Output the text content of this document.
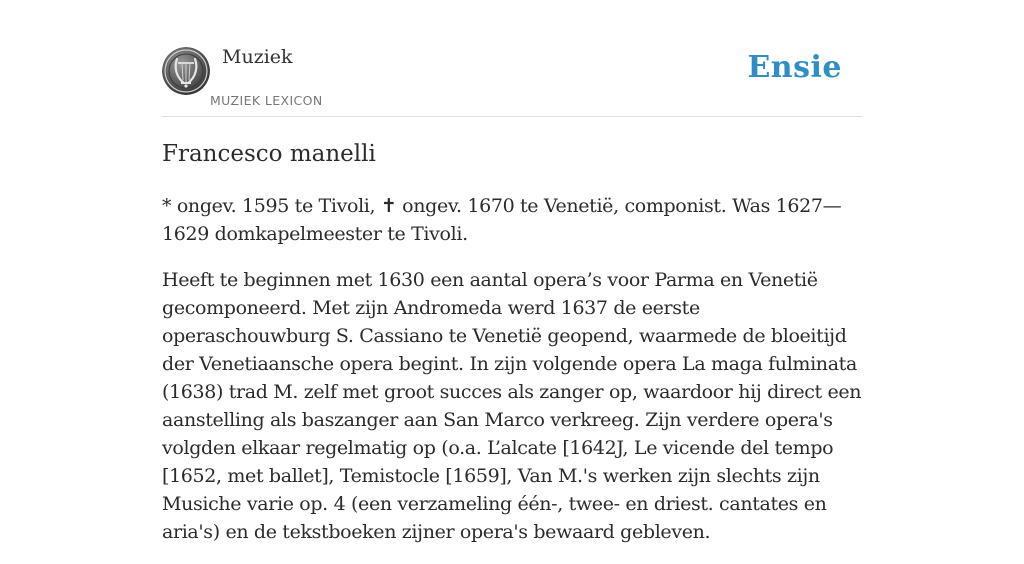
Muziek
MUZIEK LEXICON
Ensie
Francesco manelli

* ongev. 1595 te Tivoli, ✝ ongev. 1670 te Venetië, componist. Was 1627— 1629 domkapelmeester te Tivoli.

Heeft te beginnen met 1630 een aantal opera’s voor Parma en Venetië gecomponeerd. Met zijn Andromeda werd 1637 de eerste operaschouwburg S. Cassiano te Venetië geopend, waarmede de bloeitijd der Venetiaansche opera begint. In zijn volgende opera La maga fulminata (1638) trad M. zelf met groot succes als zanger op, waardoor hij direct een aanstelling als baszanger aan San Marco verkreeg. Zijn verdere opera's volgden elkaar regelmatig op (o.a. L’alcate [1642J, Le vicende del tempo [1652, met ballet], Temistocle [1659], Van M.'s werken zijn slechts zijn Musiche varie op. 4 (een verzameling één-, twee- en driest. cantates en aria's) en de tekstboeken zijner opera's bewaard gebleven.
